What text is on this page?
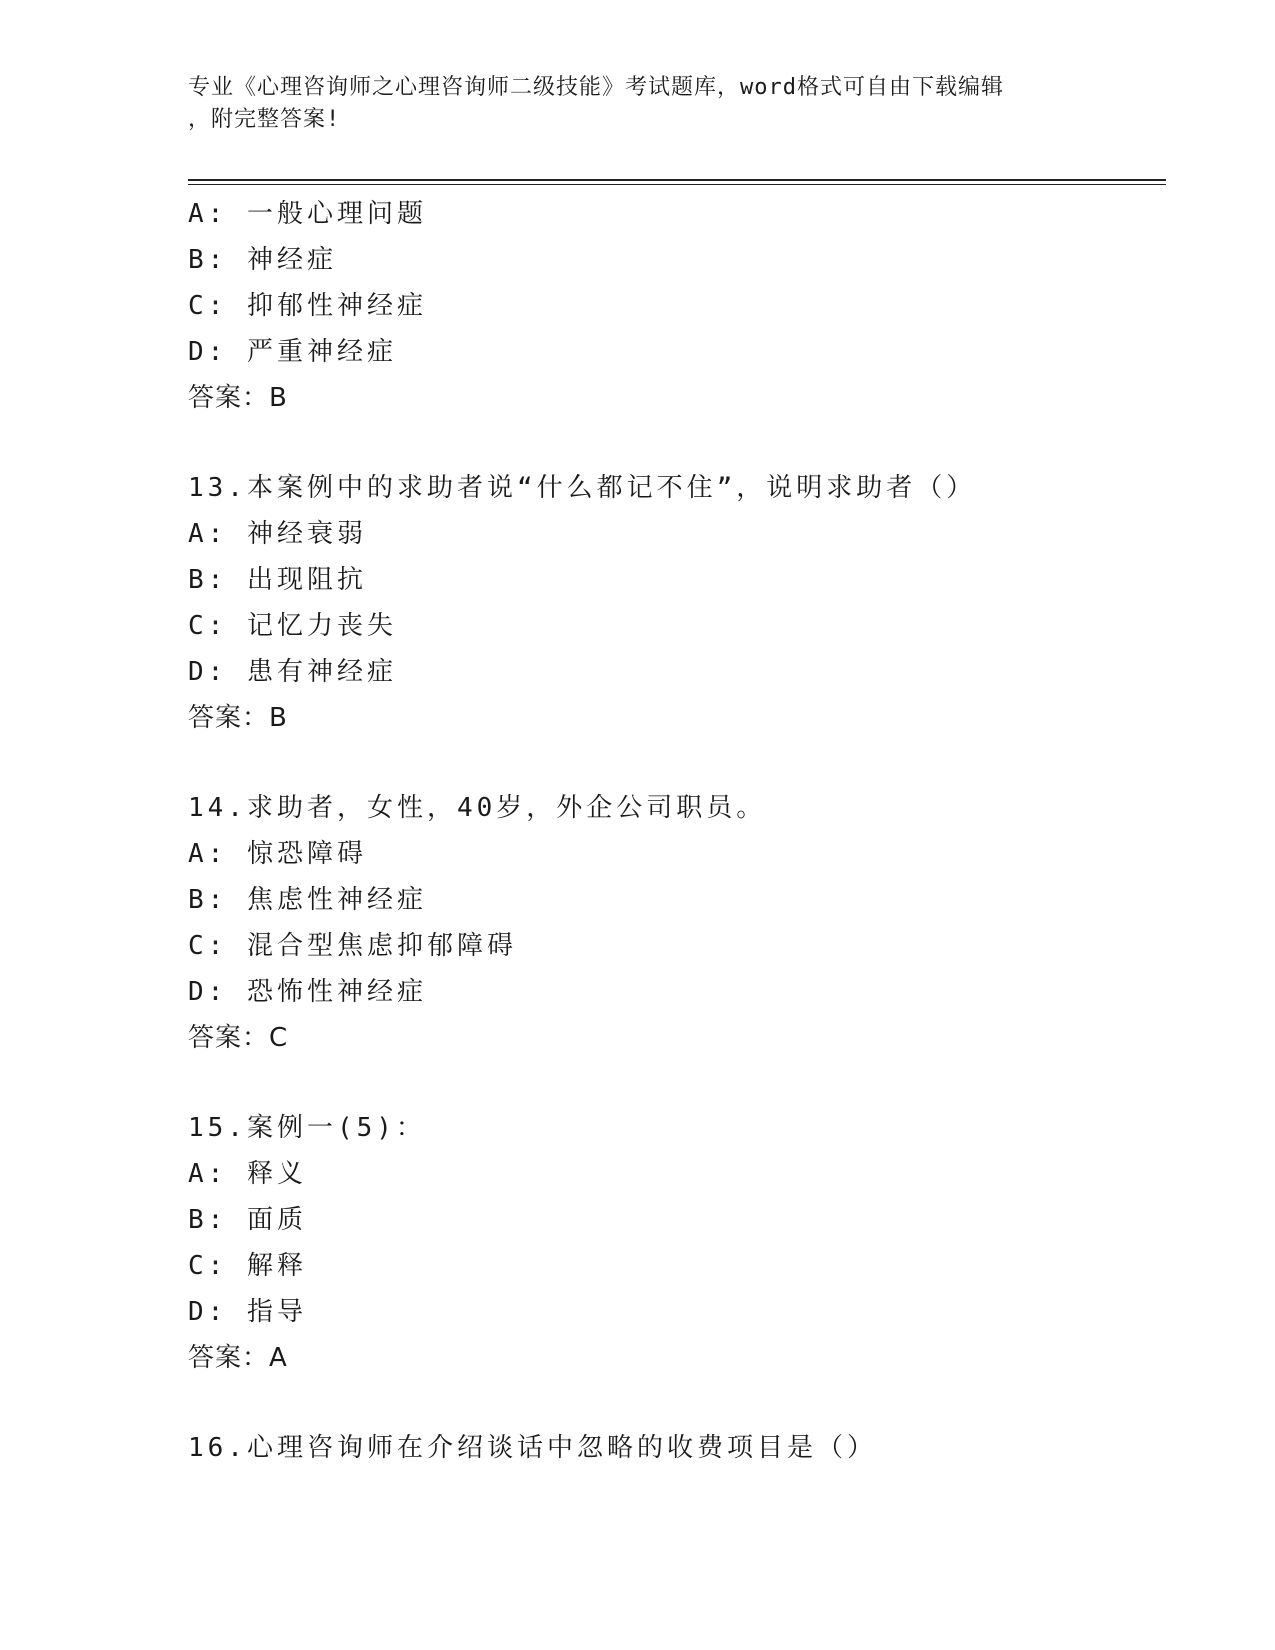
专业《心理咨询师之心理咨询师二级技能》考试题库，word格式可自由下载编辑
，附完整答案!
A: 一般心理问题
B: 神经症
C: 抑郁性神经症
D: 严重神经症
答案：B
13.本案例中的求助者说“什么都记不住”，说明求助者（）
A: 神经衰弱
B: 出现阻抗
C: 记忆力丧失
D: 患有神经症
答案：B
14.求助者，女性，40岁，外企公司职员。
A: 惊恐障碍
B: 焦虑性神经症
C: 混合型焦虑抑郁障碍
D: 恐怖性神经症
答案：C
15.案例一(5)：
A: 释义
B: 面质
C: 解释
D: 指导
答案：A
16.心理咨询师在介绍谈话中忽略的收费项目是（）
